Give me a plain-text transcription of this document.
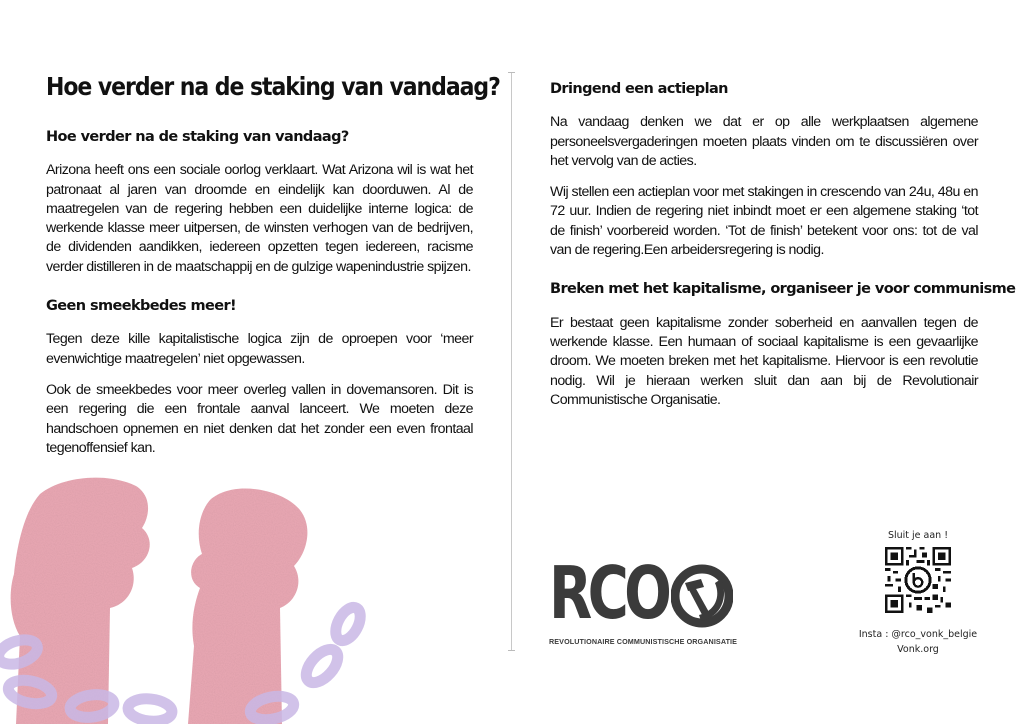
Hoe verder na de staking van vandaag?
Hoe verder na de staking van vandaag?

Arizona heeft ons een sociale oorlog verklaart. Wat Arizona wil is wat het patronaat al jaren van droomde en eindelijk kan doorduwen. Al de maatregelen van de regering hebben een duidelijke interne logica: de werkende klasse meer uitpersen, de winsten verhogen van de bedrijven, de dividenden aandikken, iedereen opzetten tegen iedereen, racisme verder distilleren in de maatschappij en de gulzige wapenindustrie spijzen.

Geen smeekbedes meer!

Tegen deze kille kapitalistische logica zijn de oproepen voor ‘meer evenwichtige maatregelen’ niet opgewassen.

Ook de smeekbedes voor meer overleg vallen in dovemansoren. Dit is een regering die een frontale aanval lanceert. We moeten deze handschoen opnemen en niet denken dat het zonder een even frontaal tegenoffensief kan.

Dringend een actieplan

Na vandaag denken we dat er op alle werkplaatsen algemene personeelsvergaderingen moeten plaats vinden om te discussiëren over het vervolg van de acties.

Wij stellen een actieplan voor met stakingen in crescendo van 24u, 48u en 72 uur. Indien de regering niet inbindt moet er een algemene staking ‘tot de finish’ voorbereid worden. ‘Tot de finish’ betekent voor ons: tot de val van de regering.Een arbeidersregering is nodig.

Breken met het kapitalisme, organiseer je voor communisme

Er bestaat geen kapitalisme zonder soberheid en aanvallen tegen de werkende klasse. Een humaan of sociaal kapitalisme is een gevaarlijke droom. We moeten breken met het kapitalisme. Hiervoor is een revolutie nodig. Wil je hieraan werken sluit dan aan bij de Revolutionair Communistische Organisatie.

RCO
REVOLUTIONAIRE COMMUNISTISCHE ORGANISATIE
Sluit je aan !
Insta : @rco_vonk_belgie
Vonk.org
